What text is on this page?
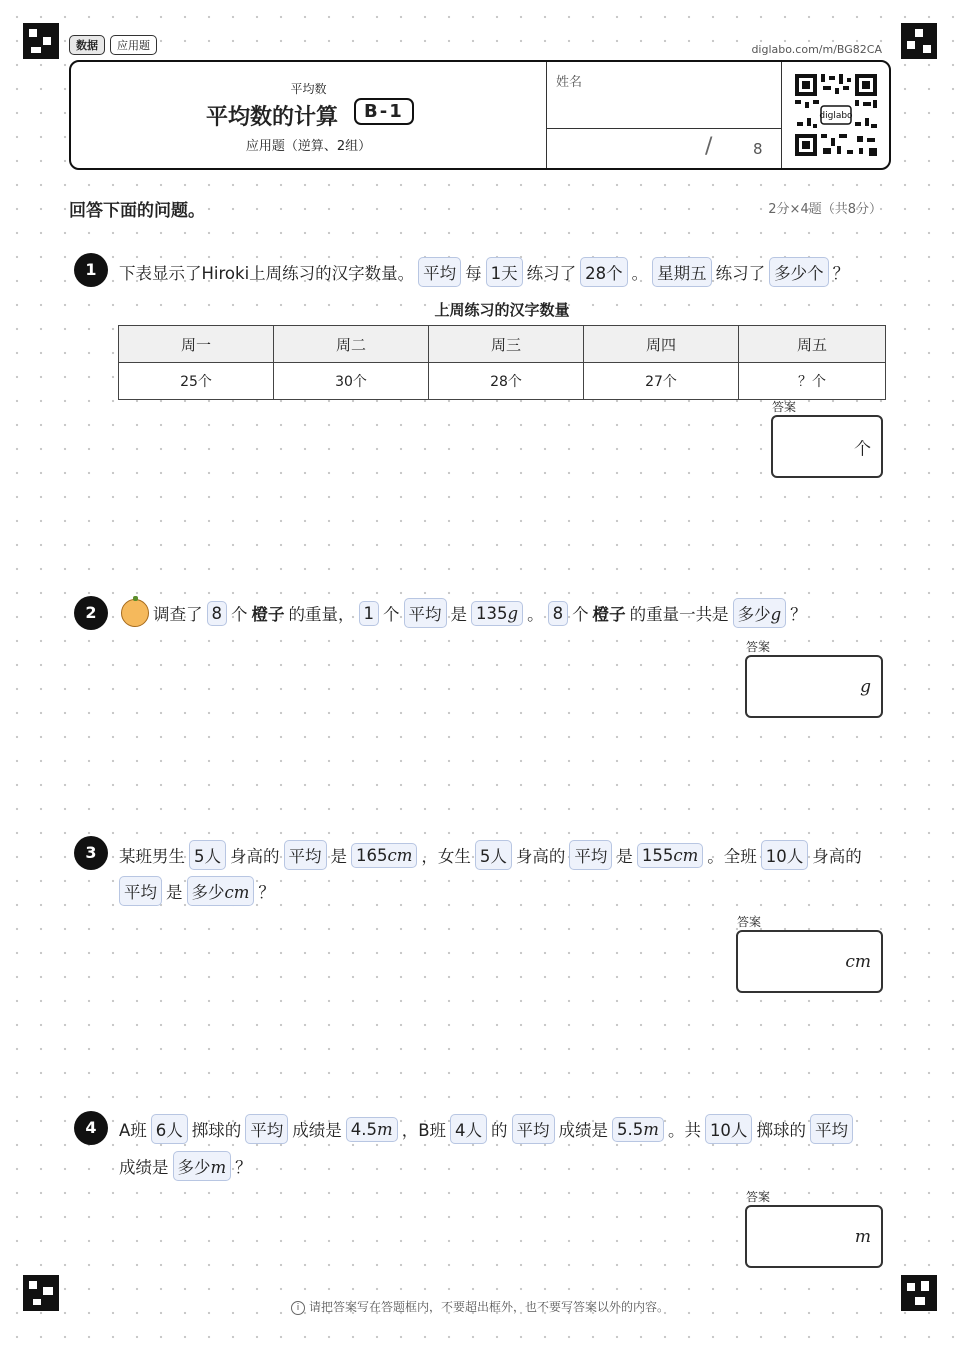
数据	应用题	diglabo.com/m/BG82CA
平均数
平均数的计算	B-1
应用题（逆算、2组）
姓名
/	8
diglabo
回答下面的问题。	2分×4题（共8分）
1	下表显示了Hiroki上周练习的汉字数量。 平均 每 1天 练习了 28个 。 星期五 练习了 多少个 ？
上周练习的汉字数量
周一	周二	周三	周四	周五
25个	30个	28个	27个	？个
答案
个
2	调查了 8 个 橙子 的重量， 1 个 平均 是 135g 。 8 个 橙子 的重量一共是 多少g ？
答案
g
3	某班男生 5人 身高的 平均 是 165cm ，女生 5人 身高的 平均 是 155cm 。全班 10人 身高的
平均 是 多少cm ？
答案
cm
4	A班 6人 掷球的 平均 成绩是 4.5m ，B班 4人 的 平均 成绩是 5.5m 。共 10人 掷球的 平均
成绩是 多少m ？
答案
m
i 请把答案写在答题框内，不要超出框外，也不要写答案以外的内容。
